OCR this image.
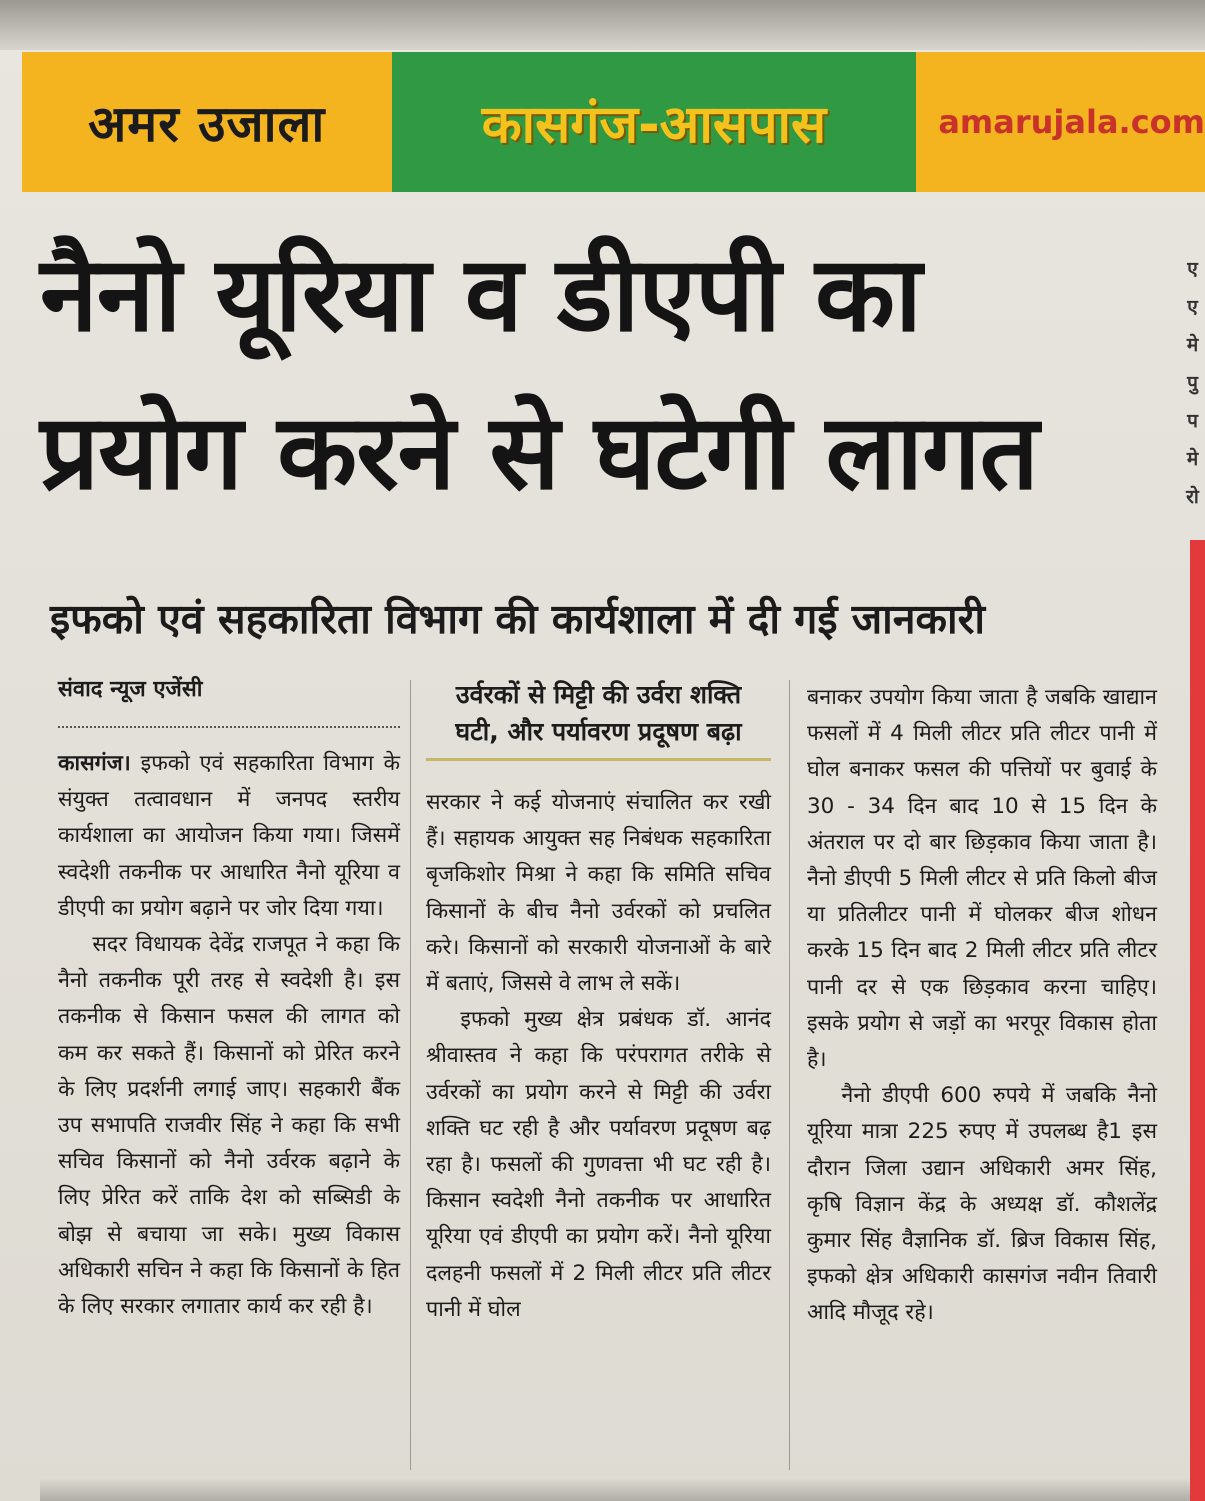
अमर उजाला	कासगंज-आसपास	amarujala.com
नैनो यूरिया व डीएपी का
प्रयोग करने से घटेगी लागत
इफको एवं सहकारिता विभाग की कार्यशाला में दी गई जानकारी
ए
ए
मे
पु
प
मे
रो
संवाद न्यूज एजेंसी

कासगंज। इफको एवं सहकारिता विभाग के संयुक्त तत्वावधान में जनपद स्तरीय कार्यशाला का आयोजन किया गया। जिसमें स्वदेशी तकनीक पर आधारित नैनो यूरिया व डीएपी का प्रयोग बढ़ाने पर जोर दिया गया।

सदर विधायक देवेंद्र राजपूत ने कहा कि नैनो तकनीक पूरी तरह से स्वदेशी है। इस तकनीक से किसान फसल की लागत को कम कर सकते हैं। किसानों को प्रेरित करने के लिए प्रदर्शनी लगाई जाए। सहकारी बैंक उप सभापति राजवीर सिंह ने कहा कि सभी सचिव किसानों को नैनो उर्वरक बढ़ाने के लिए प्रेरित करें ताकि देश को सब्सिडी के बोझ से बचाया जा सके। मुख्य विकास अधिकारी सचिन ने कहा कि किसानों के हित के लिए सरकार लगातार कार्य कर रही है।

उर्वरकों से मिट्टी की उर्वरा शक्ति घटी, और पर्यावरण प्रदूषण बढ़ा

सरकार ने कई योजनाएं संचालित कर रखी हैं। सहायक आयुक्त सह निबंधक सहकारिता बृजकिशोर मिश्रा ने कहा कि समिति सचिव किसानों के बीच नैनो उर्वरकों को प्रचलित करे। किसानों को सरकारी योजनाओं के बारे में बताएं, जिससे वे लाभ ले सकें।

इफको मुख्य क्षेत्र प्रबंधक डॉ. आनंद श्रीवास्तव ने कहा कि परंपरागत तरीके से उर्वरकों का प्रयोग करने से मिट्टी की उर्वरा शक्ति घट रही है और पर्यावरण प्रदूषण बढ़ रहा है। फसलों की गुणवत्ता भी घट रही है। किसान स्वदेशी नैनो तकनीक पर आधारित यूरिया एवं डीएपी का प्रयोग करें। नैनो यूरिया दलहनी फसलों में 2 मिली लीटर प्रति लीटर पानी में घोल

बनाकर उपयोग किया जाता है जबकि खाद्यान फसलों में 4 मिली लीटर प्रति लीटर पानी में घोल बनाकर फसल की पत्तियों पर बुवाई के 30 - 34 दिन बाद 10 से 15 दिन के अंतराल पर दो बार छिड़काव किया जाता है। नैनो डीएपी 5 मिली लीटर से प्रति किलो बीज या प्रतिलीटर पानी में घोलकर बीज शोधन करके 15 दिन बाद 2 मिली लीटर प्रति लीटर पानी दर से एक छिड़काव करना चाहिए। इसके प्रयोग से जड़ों का भरपूर विकास होता है।

नैनो डीएपी 600 रुपये में जबकि नैनो यूरिया मात्रा 225 रुपए में उपलब्ध है1 इस दौरान जिला उद्यान अधिकारी अमर सिंह, कृषि विज्ञान केंद्र के अध्यक्ष डॉ. कौशलेंद्र कुमार सिंह वैज्ञानिक डॉ. ब्रिज विकास सिंह, इफको क्षेत्र अधिकारी कासगंज नवीन तिवारी आदि मौजूद रहे।
